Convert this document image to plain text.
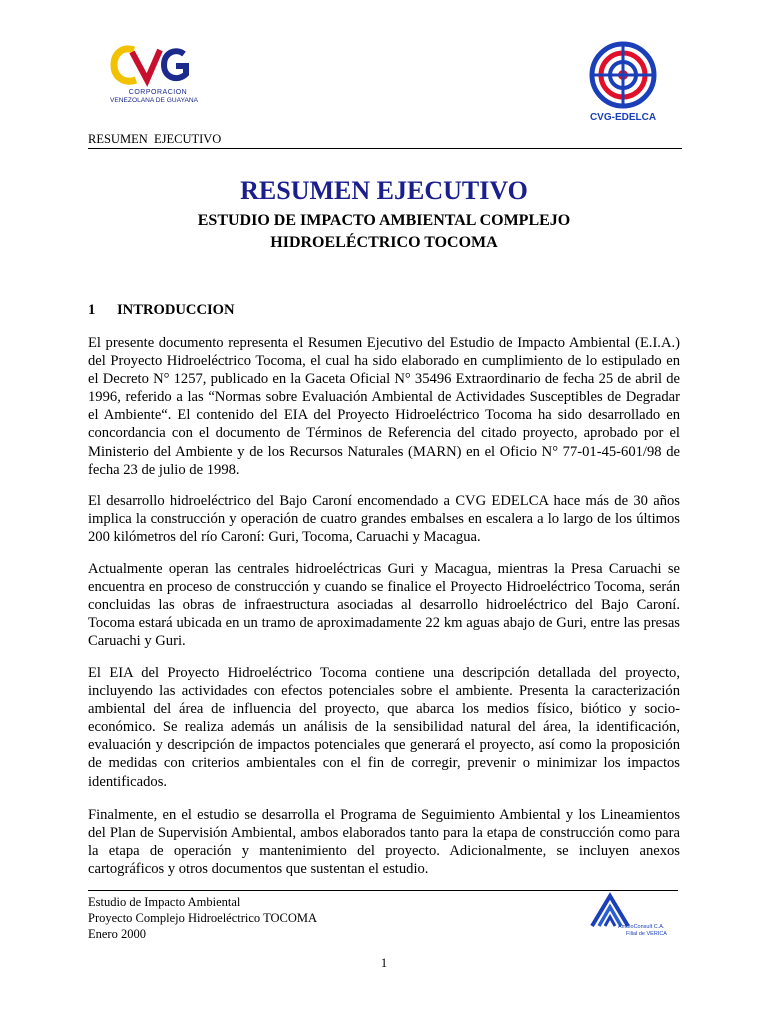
CORPORACION
VENEZOLANA DE GUAYANA
CVG-EDELCA
RESUMEN  EJECUTIVO
RESUMEN EJECUTIVO
ESTUDIO DE IMPACTO AMBIENTAL COMPLEJO
HIDROELÉCTRICO TOCOMA
1 INTRODUCCION
El presente documento representa el Resumen Ejecutivo del Estudio de Impacto Ambiental (E.I.A.) del Proyecto Hidroeléctrico Tocoma, el cual ha sido elaborado en cumplimiento de lo estipulado en el Decreto N° 1257, publicado en la Gaceta Oficial N° 35496 Extraordinario de fecha 25 de abril de 1996, referido a las “Normas sobre Evaluación Ambiental de Actividades Susceptibles de Degradar el Ambiente“. El contenido del EIA del Proyecto Hidroeléctrico Tocoma ha sido desarrollado en concordancia con el documento de Términos de Referencia del citado proyecto, aprobado por el Ministerio del Ambiente y de los Recursos Naturales (MARN) en el Oficio N° 77-01-45-601/98 de fecha 23 de julio de 1998.
El desarrollo hidroeléctrico del Bajo Caroní encomendado a CVG EDELCA hace más de 30 años implica la construcción y operación de cuatro grandes embalses en escalera a lo largo de los últimos 200 kilómetros del río Caroní: Guri, Tocoma, Caruachi y Macagua.
Actualmente operan las centrales hidroeléctricas Guri y Macagua, mientras la Presa Caruachi se encuentra en proceso de construcción y cuando se finalice el Proyecto Hidroeléctrico Tocoma, serán concluidas las obras de infraestructura asociadas al desarrollo hidroeléctrico del Bajo Caroní. Tocoma estará ubicada en un tramo de aproximadamente 22 km aguas abajo de Guri, entre las presas Caruachi y Guri.
El EIA del Proyecto Hidroeléctrico Tocoma contiene una descripción detallada del proyecto, incluyendo las actividades con efectos potenciales sobre el ambiente. Presenta la caracterización ambiental del área de influencia del proyecto, que abarca los medios físico, biótico y socio-económico. Se realiza además un análisis de la sensibilidad natural del área, la identificación, evaluación y descripción de impactos potenciales que generará el proyecto, así como la proposición de medidas con criterios ambientales con el fin de corregir, prevenir o minimizar los impactos identificados.
Finalmente, en el estudio se desarrolla el Programa de Seguimiento Ambiental y los Lineamientos del Plan de Supervisión Ambiental, ambos elaborados tanto para la etapa de construcción como para la etapa de operación y mantenimiento del proyecto. Adicionalmente, se incluyen anexos cartográficos y otros documentos que sustentan el estudio.
Estudio de Impacto Ambiental
Proyecto Complejo Hidroeléctrico TOCOMA
Enero 2000	AmbioConsult C.A.
Filial de VERICA
1
